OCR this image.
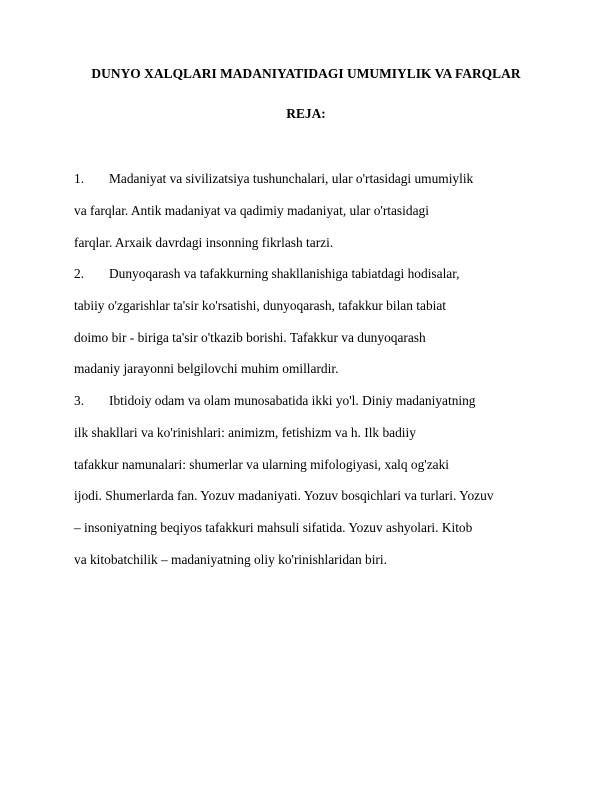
DUNYO XALQLARI MADANIYATIDAGI UMUMIYLIK VA FARQLAR
REJA:
1. Madaniyat va sivilizatsiya tushunchalari, ular o'rtasidagi umumiylik
va farqlar. Antik madaniyat va qadimiy madaniyat, ular o'rtasidagi
farqlar. Arxaik davrdagi insonning fikrlash tarzi.
2. Dunyoqarash va tafakkurning shakllanishiga tabiatdagi hodisalar,
tabiiy o'zgarishlar ta'sir ko'rsatishi, dunyoqarash, tafakkur bilan tabiat
doimo bir - biriga ta'sir o'tkazib borishi. Tafakkur va dunyoqarash
madaniy jarayonni belgilovchi muhim omillardir.
3. Ibtidoiy odam va olam munosabatida ikki yo'l. Diniy madaniyatning
ilk shakllari va ko'rinishlari: animizm, fetishizm va h. Ilk badiiy
tafakkur namunalari: shumerlar va ularning mifologiyasi, xalq og'zaki
ijodi. Shumerlarda fan. Yozuv madaniyati. Yozuv bosqichlari va turlari. Yozuv
– insoniyatning beqiyos tafakkuri mahsuli sifatida. Yozuv ashyolari. Kitob
va kitobatchilik – madaniyatning oliy ko'rinishlaridan biri.
